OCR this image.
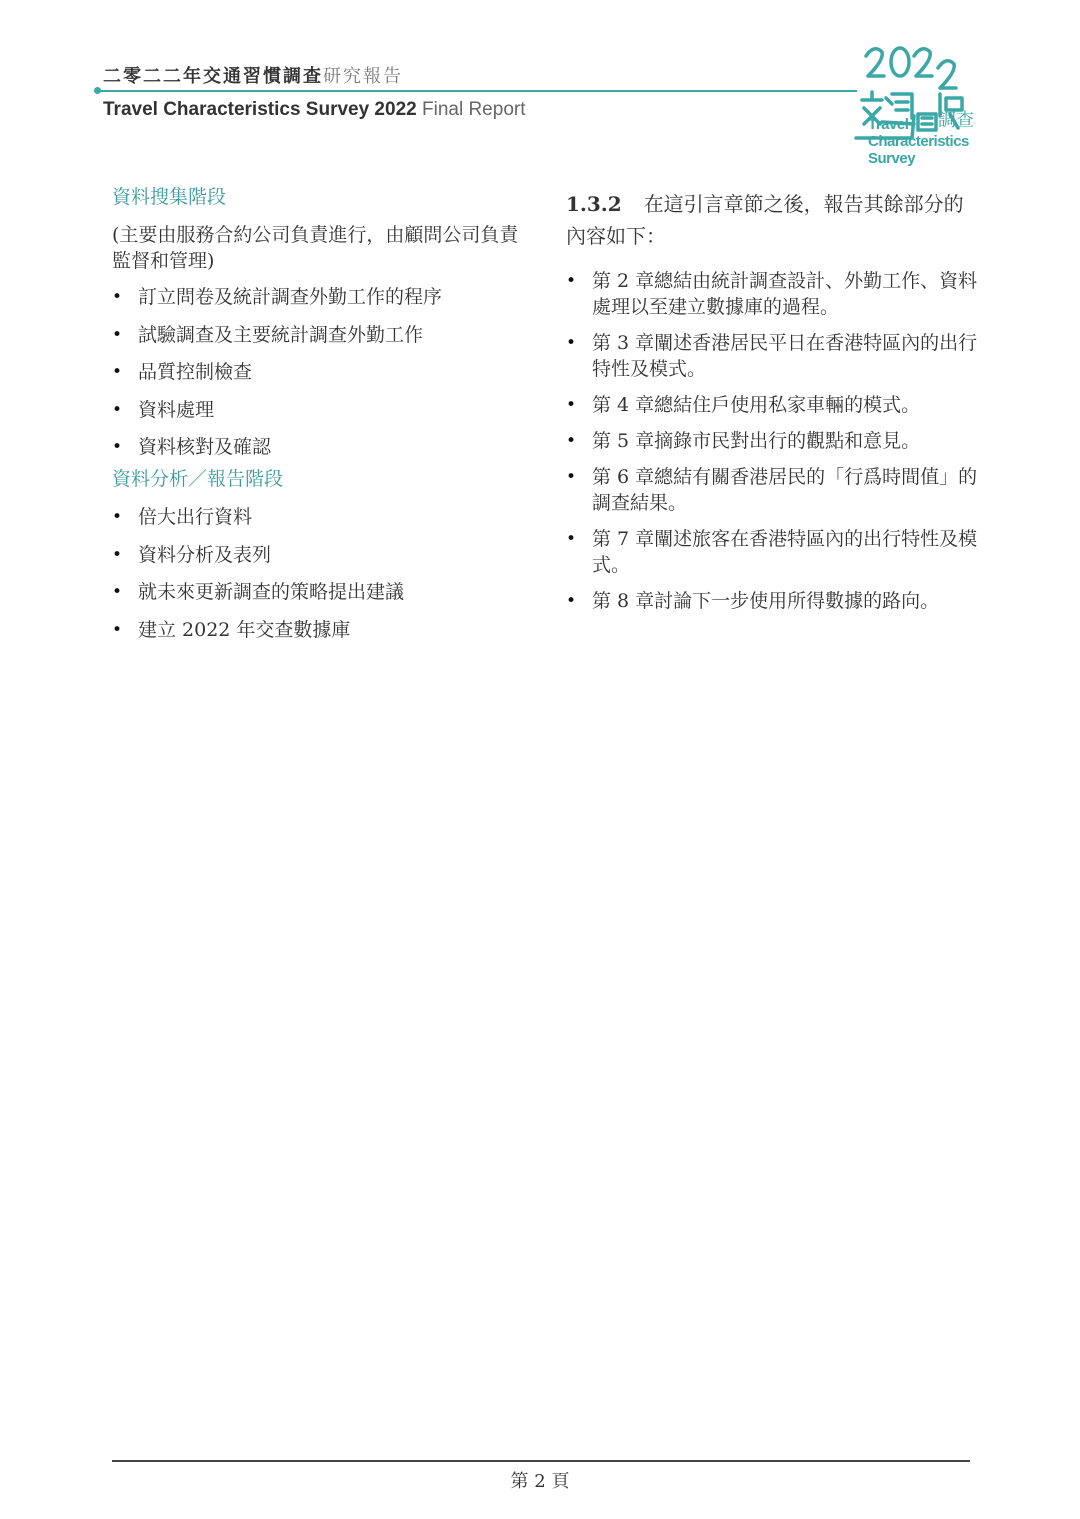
二零二二年交通習慣調查研究報告
Travel Characteristics Survey 2022 Final Report
調查
Travel
Characteristics
Survey
資料搜集階段
(主要由服務合約公司負責進行，由顧問公司負責監督和管理)
• 訂立問卷及統計調查外勤工作的程序
• 試驗調查及主要統計調查外勤工作
• 品質控制檢查
• 資料處理
• 資料核對及確認
資料分析／報告階段
• 倍大出行資料
• 資料分析及表列
• 就未來更新調查的策略提出建議
• 建立 2022 年交查數據庫
1.3.2 在這引言章節之後，報告其餘部分的內容如下：
• 第 2 章總結由統計調查設計、外勤工作、資料處理以至建立數據庫的過程。
• 第 3 章闡述香港居民平日在香港特區內的出行特性及模式。
• 第 4 章總結住戶使用私家車輛的模式。
• 第 5 章摘錄市民對出行的觀點和意見。
• 第 6 章總結有關香港居民的「行爲時間值」的調查結果。
• 第 7 章闡述旅客在香港特區內的出行特性及模式。
• 第 8 章討論下一步使用所得數據的路向。
第 2 頁
